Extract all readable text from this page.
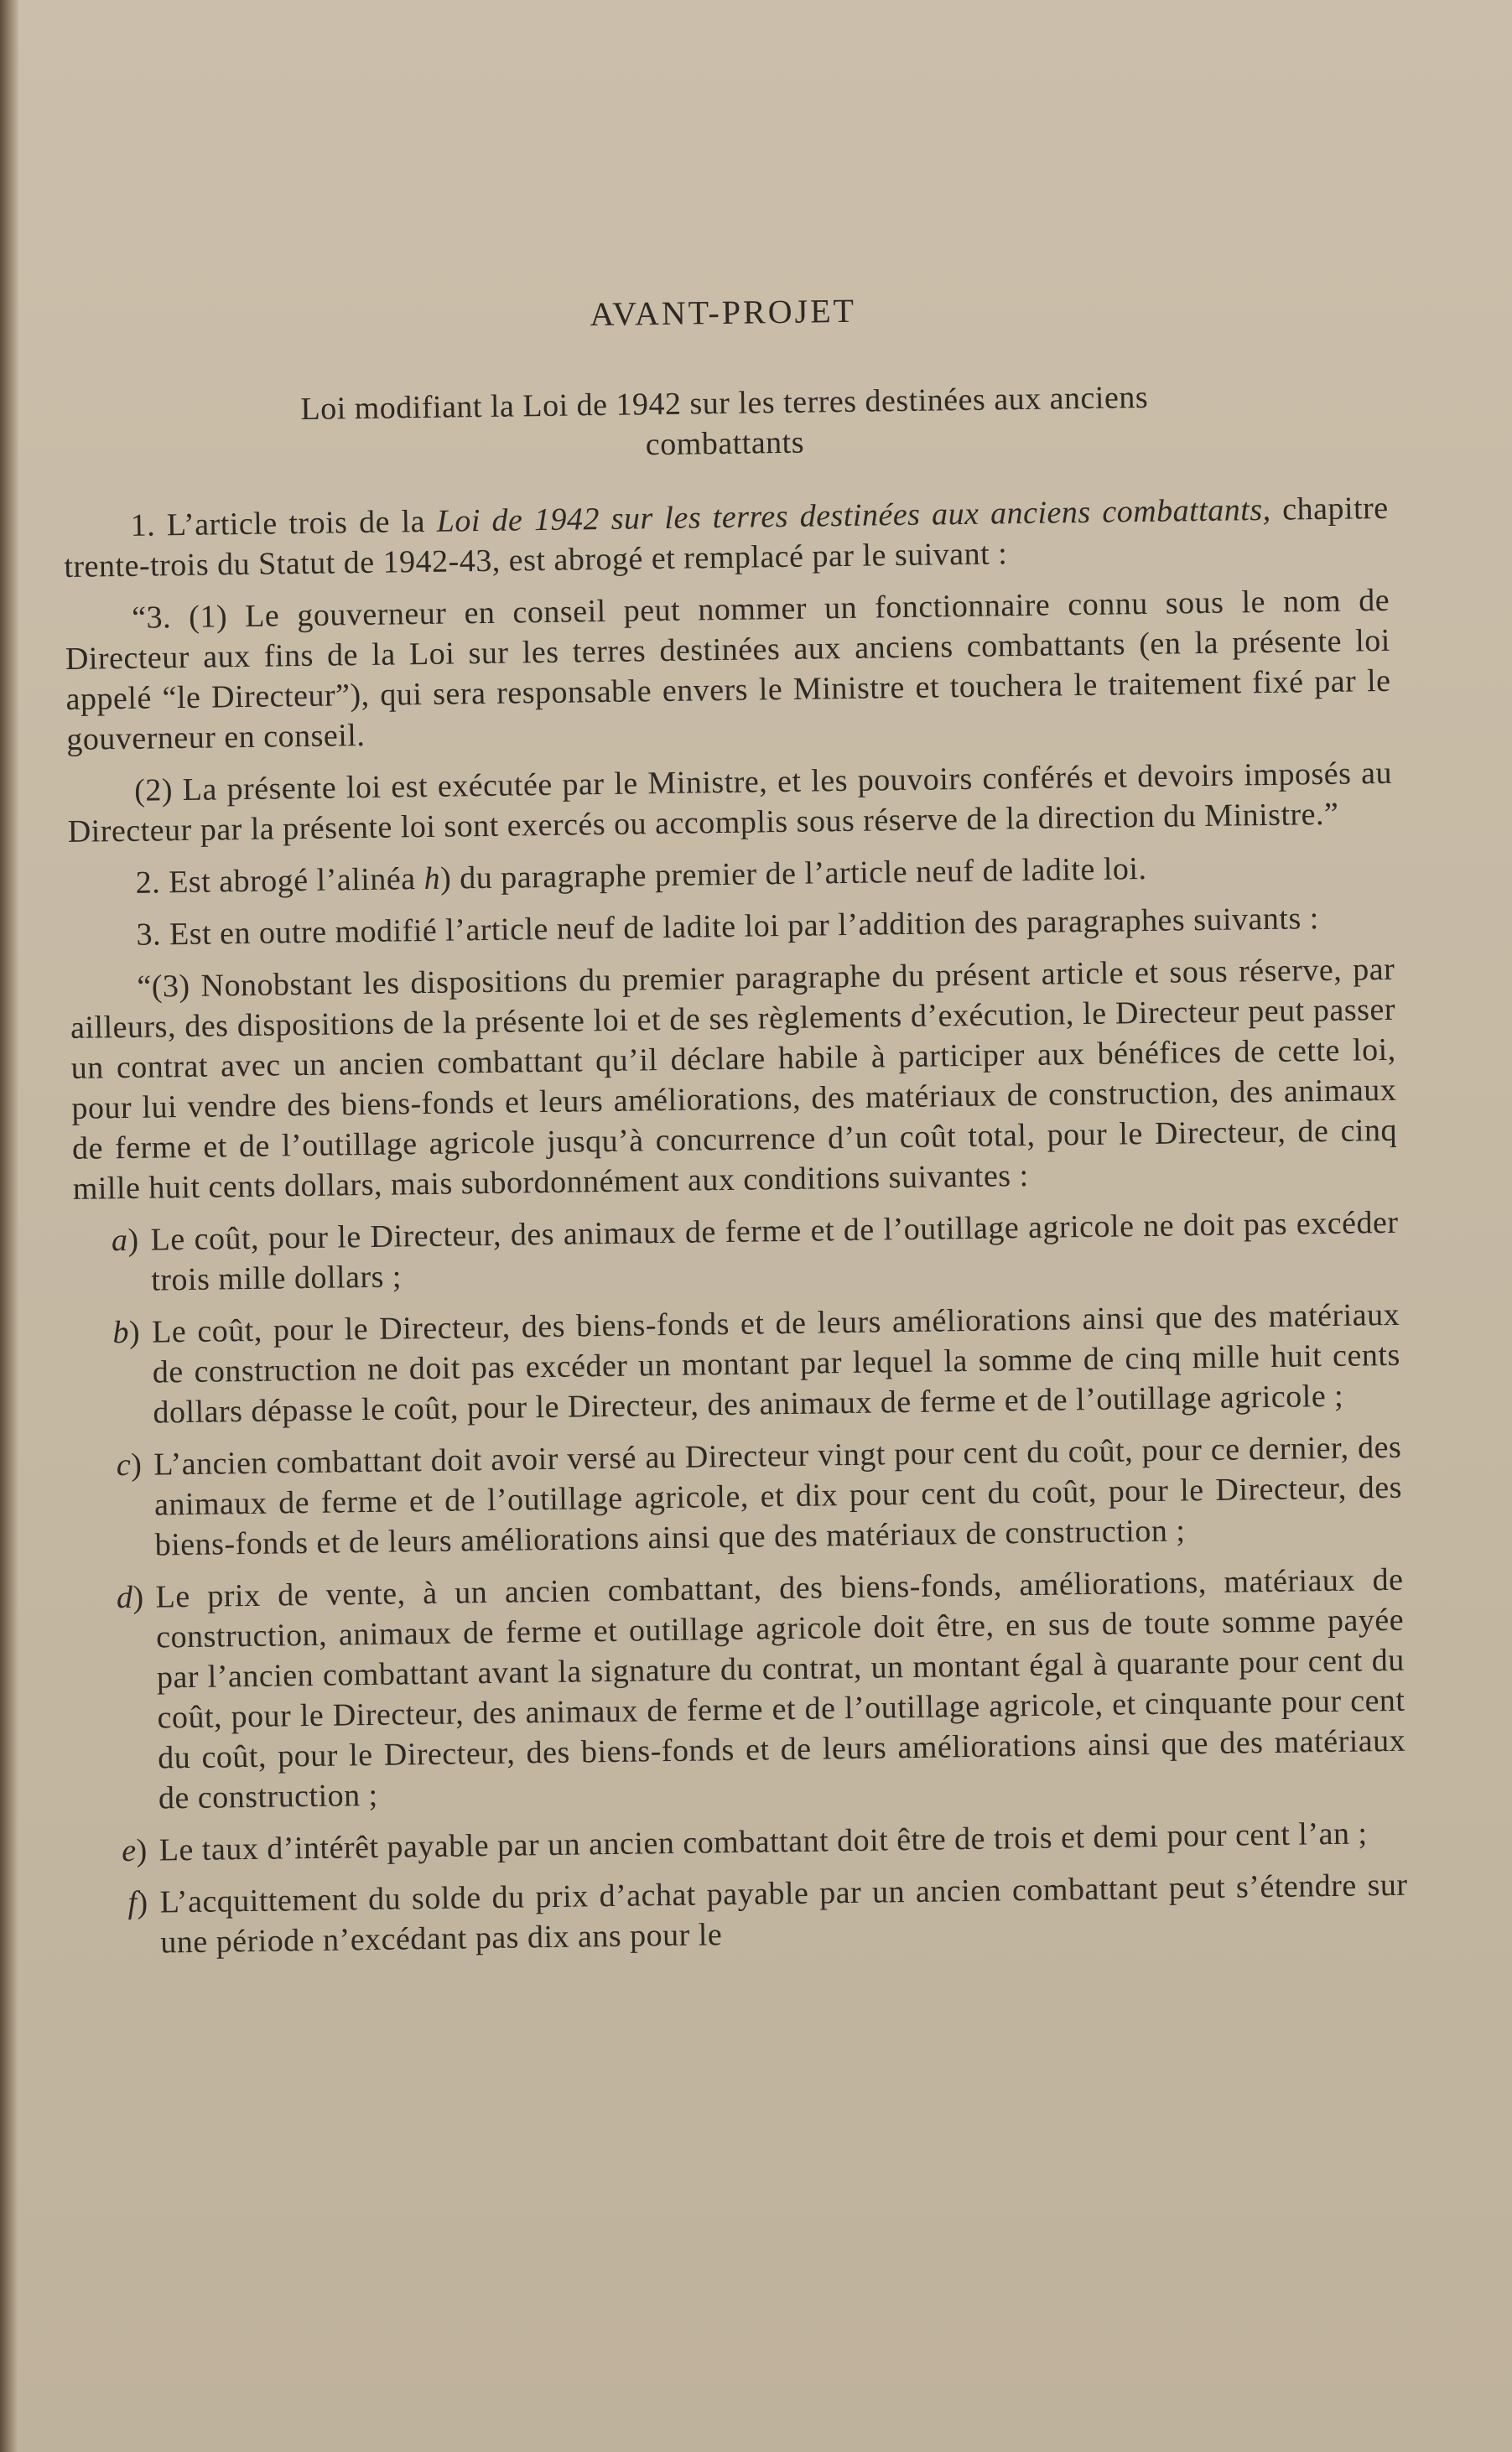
AVANT-PROJET
Loi modifiant la Loi de 1942 sur les terres destinées aux anciens
combattants

1. L’article trois de la Loi de 1942 sur les terres destinées aux anciens combattants, chapitre trente-trois du Statut de 1942-43, est abrogé et remplacé par le suivant :

“3. (1) Le gouverneur en conseil peut nommer un fonctionnaire connu sous le nom de Directeur aux fins de la Loi sur les terres destinées aux anciens combattants (en la présente loi appelé “le Directeur”), qui sera responsable envers le Ministre et touchera le traitement fixé par le gouverneur en conseil.

(2) La présente loi est exécutée par le Ministre, et les pouvoirs conférés et devoirs imposés au Directeur par la présente loi sont exercés ou accomplis sous réserve de la direction du Ministre.”

2. Est abrogé l’alinéa h) du paragraphe premier de l’article neuf de ladite loi.

3. Est en outre modifié l’article neuf de ladite loi par l’addition des paragraphes suivants :

“(3) Nonobstant les dispositions du premier paragraphe du présent article et sous réserve, par ailleurs, des dispositions de la présente loi et de ses règlements d’exécution, le Directeur peut passer un contrat avec un ancien combattant qu’il déclare habile à participer aux bénéfices de cette loi, pour lui vendre des biens-fonds et leurs améliorations, des matériaux de construction, des animaux de ferme et de l’outillage agricole jusqu’à concurrence d’un coût total, pour le Directeur, de cinq mille huit cents dollars, mais subordonnément aux conditions suivantes :

a) Le coût, pour le Directeur, des animaux de ferme et de l’outillage agricole ne doit pas excéder trois mille dollars ;
b) Le coût, pour le Directeur, des biens-fonds et de leurs améliorations ainsi que des matériaux de construction ne doit pas excéder un montant par lequel la somme de cinq mille huit cents dollars dépasse le coût, pour le Directeur, des animaux de ferme et de l’outillage agricole ;
c) L’ancien combattant doit avoir versé au Directeur vingt pour cent du coût, pour ce dernier, des animaux de ferme et de l’outillage agricole, et dix pour cent du coût, pour le Directeur, des biens-fonds et de leurs améliorations ainsi que des matériaux de construction ;
d) Le prix de vente, à un ancien combattant, des biens-fonds, améliorations, matériaux de construction, animaux de ferme et outillage agricole doit être, en sus de toute somme payée par l’ancien combattant avant la signature du contrat, un montant égal à quarante pour cent du coût, pour le Directeur, des animaux de ferme et de l’outillage agricole, et cinquante pour cent du coût, pour le Directeur, des biens-fonds et de leurs améliorations ainsi que des matériaux de construction ;
e) Le taux d’intérêt payable par un ancien combattant doit être de trois et demi pour cent l’an ;
f) L’acquittement du solde du prix d’achat payable par un ancien combattant peut s’étendre sur une période n’excédant pas dix ans pour le
